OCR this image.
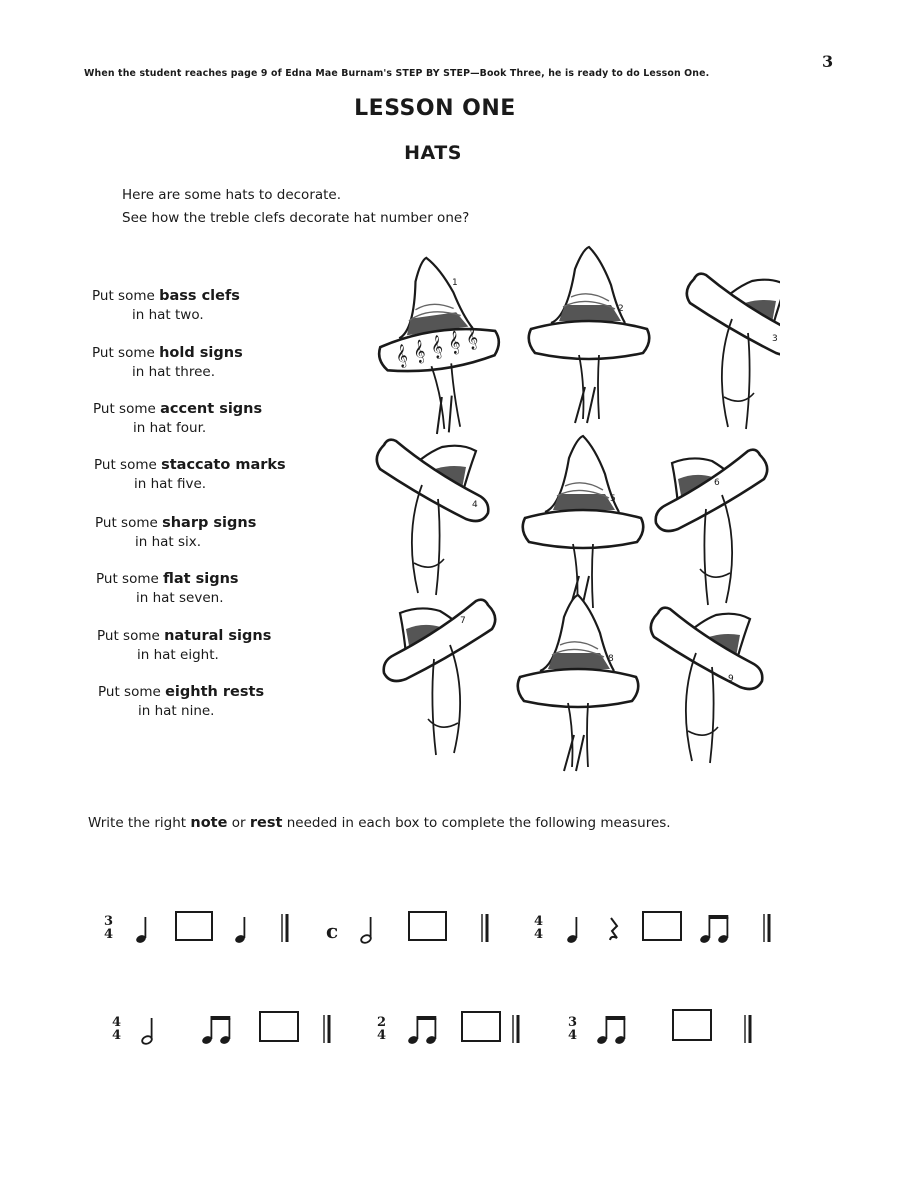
3
When the student reaches page 9 of Edna Mae Burnam's STEP BY STEP—Book Three, he is ready to do Lesson One.
LESSON ONE
HATS
Here are some hats to decorate.
See how the treble clefs decorate hat number one?
Put some bass clefs
in hat two.
Put some hold signs
in hat three.
Put some accent signs
in hat four.
Put some staccato marks
in hat five.
Put some sharp signs
in hat six.
Put some flat signs
in hat seven.
Put some natural signs
in hat eight.
Put some eighth rests
in hat nine.
𝄞 𝄞 𝄞 𝄞 𝄞
1
2
3
4
5
6
7
8
9
Write the right note or rest needed in each box to complete the following measures.
3
4	c	4
4
4
4
2
4
3
4
